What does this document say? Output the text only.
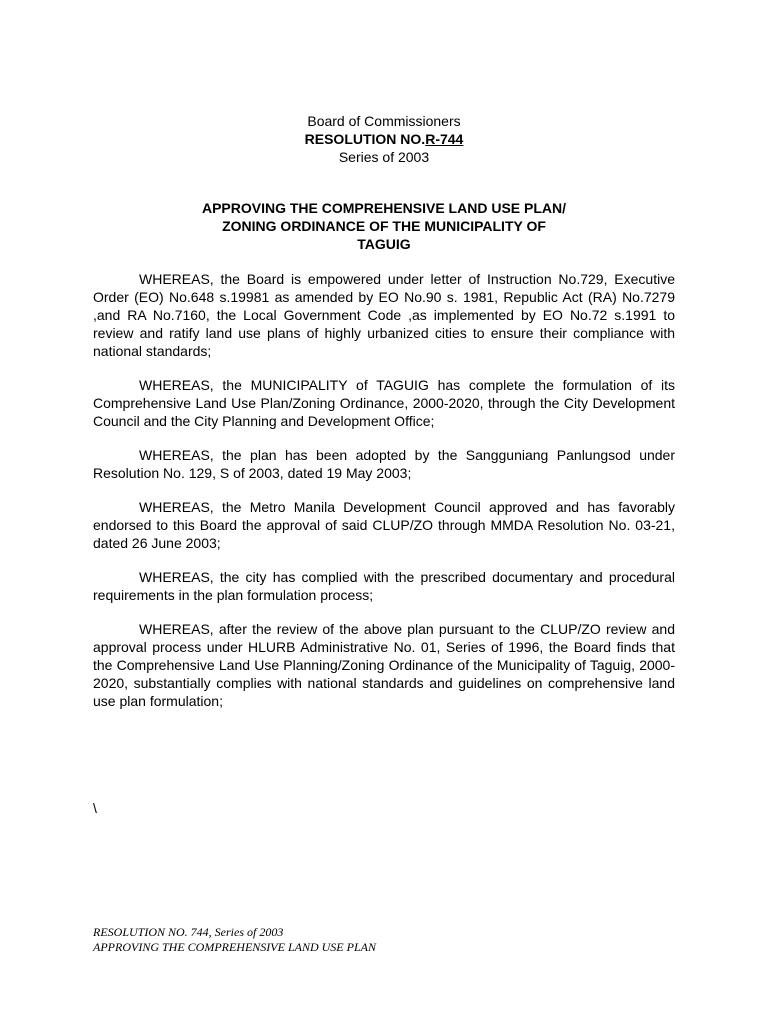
Board of Commissioners
RESOLUTION NO.R-744
Series of 2003
APPROVING THE COMPREHENSIVE LAND USE PLAN/
ZONING ORDINANCE OF THE MUNICIPALITY OF
TAGUIG

WHEREAS, the Board is empowered under letter of Instruction No.729, Executive Order (EO) No.648 s.19981 as amended by EO No.90 s. 1981, Republic Act (RA) No.7279 ,and RA No.7160, the Local Government Code ,as implemented by EO No.72 s.1991 to review and ratify land use plans of highly urbanized cities to ensure their compliance with national standards;

WHEREAS, the MUNICIPALITY of TAGUIG has complete the formulation of its Comprehensive Land Use Plan/Zoning Ordinance, 2000-2020, through the City Development Council and the City Planning and Development Office;

WHEREAS, the plan has been adopted by the Sangguniang Panlungsod under Resolution No. 129, S of 2003, dated 19 May 2003;

WHEREAS, the Metro Manila Development Council approved and has favorably endorsed to this Board the approval of said CLUP/ZO through MMDA Resolution No. 03-21, dated 26 June 2003;

WHEREAS, the city has complied with the prescribed documentary and procedural requirements in the plan formulation process;

WHEREAS, after the review of the above plan pursuant to the CLUP/ZO review and approval process under HLURB Administrative No. 01, Series of 1996, the Board finds that the Comprehensive Land Use Planning/Zoning Ordinance of the Municipality of Taguig, 2000-2020, substantially complies with national standards and guidelines on comprehensive land use plan formulation;

\
RESOLUTION NO. 744, Series of 2003
APPROVING THE COMPREHENSIVE LAND USE PLAN
